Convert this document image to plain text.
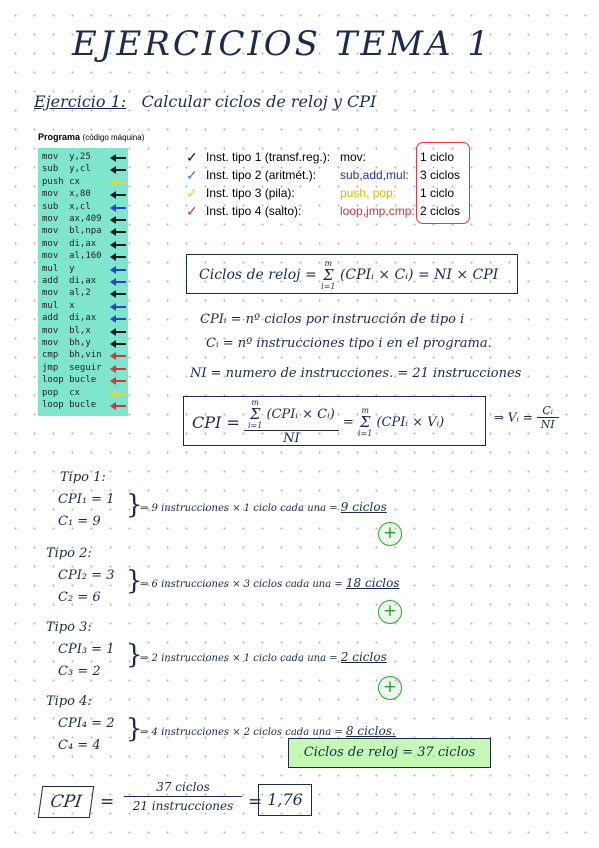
EJERCICIOS TEMA 1
Ejercicio 1: Calcular ciclos de reloj y CPI
Programa (código máquina)
mov  y,25
sub  y,cl
push cx
mov  x,80
sub  x,cl
mov  ax,409
mov  bl,npa
mov  di,ax
mov  al,160
mul  y
add  di,ax
mov  al,2
mul  x
add  di,ax
mov  bl,x
mov  bh,y
cmp  bh,vin
jmp  seguir
loop bucle
pop  cx
loop bucle
✓ Inst. tipo 1 (transf.reg.): mov:	1 ciclo
✓ Inst. tipo 2 (aritmét.): sub,add,mul: 3 ciclos
✓ Inst. tipo 3 (pila):	push, pop: 1 ciclo
✓ Inst. tipo 4 (salto):	loop,jmp,cmp: 2 ciclos
Ciclos de reloj = m
Σ
i=1 (CPIᵢ × Cᵢ) = NI × CPI
CPIᵢ = nº ciclos por instrucción de tipo i
Cᵢ = nº instrucciones tipo i en el programa.
NI = numero de instrucciones. = 21 instrucciones
CPI = m
Σ
i=1 (CPIᵢ × Cᵢ)
NI = m
Σ
i=1 (CPIᵢ × Vᵢ)	⇒ Vᵢ = $\frac{\text{Cᵢ}}{NI}$
Tipo 1:
CPI₁ = 1
C₁ = 9
}
⇒ 9 instrucciones × 1 ciclo cada una = 9 ciclos
+
Tipo 2:
CPI₂ = 3
C₂ = 6
}
⇒ 6 instrucciones × 3 ciclos cada una = 18 ciclos
+
Tipo 3:
CPI₃ = 1
C₃ = 2
}
⇒ 2 instrucciones × 1 ciclo cada una = 2 ciclos
+
Tipo 4:
CPI₄ = 2
C₄ = 4
}
⇒ 4 instrucciones × 2 ciclos cada una = 8 ciclos.
Ciclos de reloj = 37 ciclos
CPI	=
37 ciclos
21 instrucciones = 1,76
